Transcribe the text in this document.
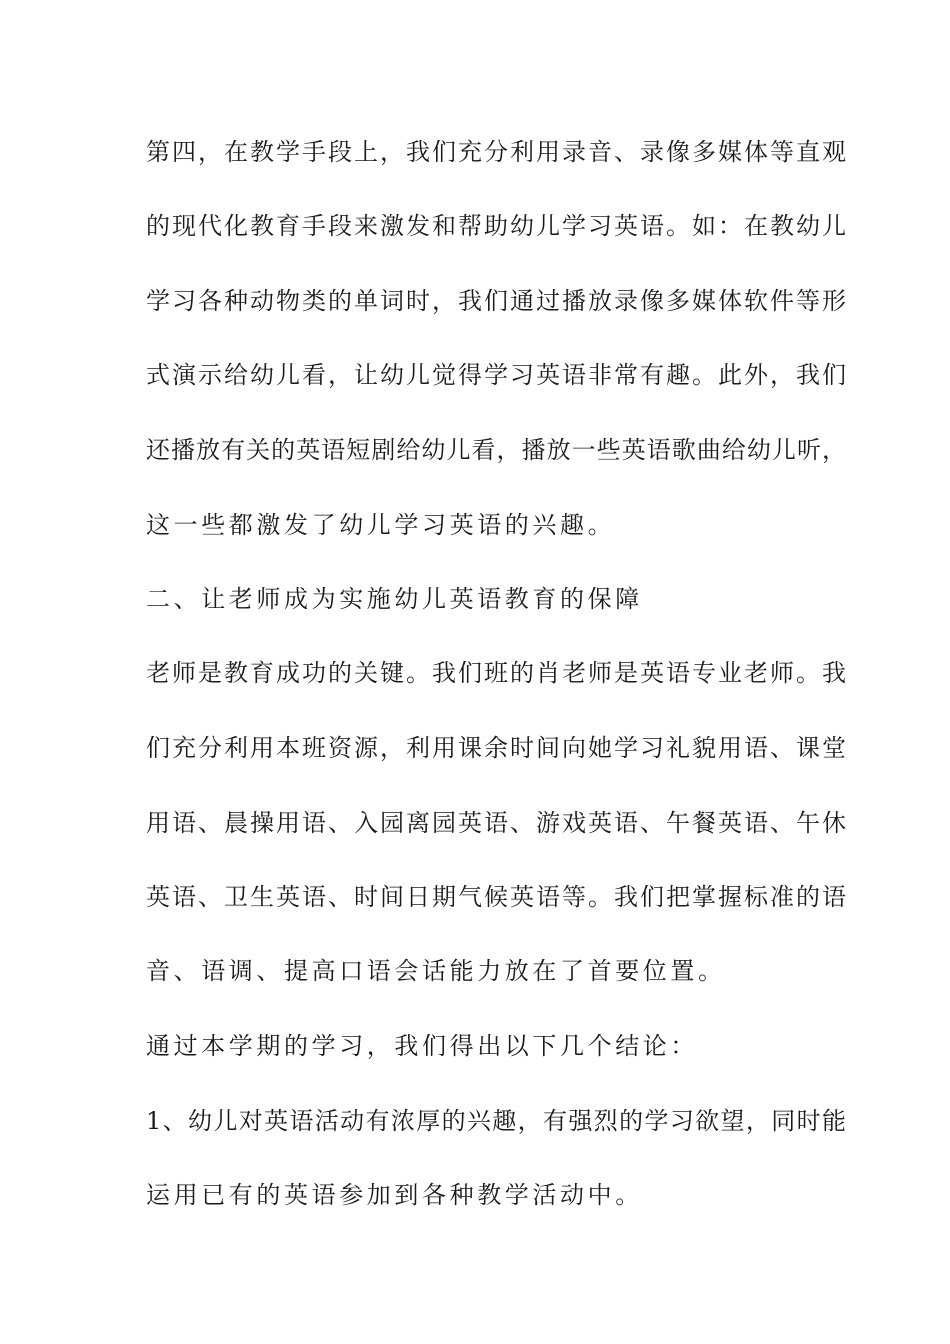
第四，在教学手段上，我们充分利用录音、录像多媒体等直观
的现代化教育手段来激发和帮助幼儿学习英语。如：在教幼儿
学习各种动物类的单词时，我们通过播放录像多媒体软件等形
式演示给幼儿看，让幼儿觉得学习英语非常有趣。此外，我们
还播放有关的英语短剧给幼儿看，播放一些英语歌曲给幼儿听，
这一些都激发了幼儿学习英语的兴趣。
二、让老师成为实施幼儿英语教育的保障
老师是教育成功的关键。我们班的肖老师是英语专业老师。我
们充分利用本班资源，利用课余时间向她学习礼貌用语、课堂
用语、晨操用语、入园离园英语、游戏英语、午餐英语、午休
英语、卫生英语、时间日期气候英语等。我们把掌握标准的语
音、语调、提高口语会话能力放在了首要位置。
通过本学期的学习，我们得出以下几个结论：
1、幼儿对英语活动有浓厚的兴趣，有强烈的学习欲望，同时能
运用已有的英语参加到各种教学活动中。
